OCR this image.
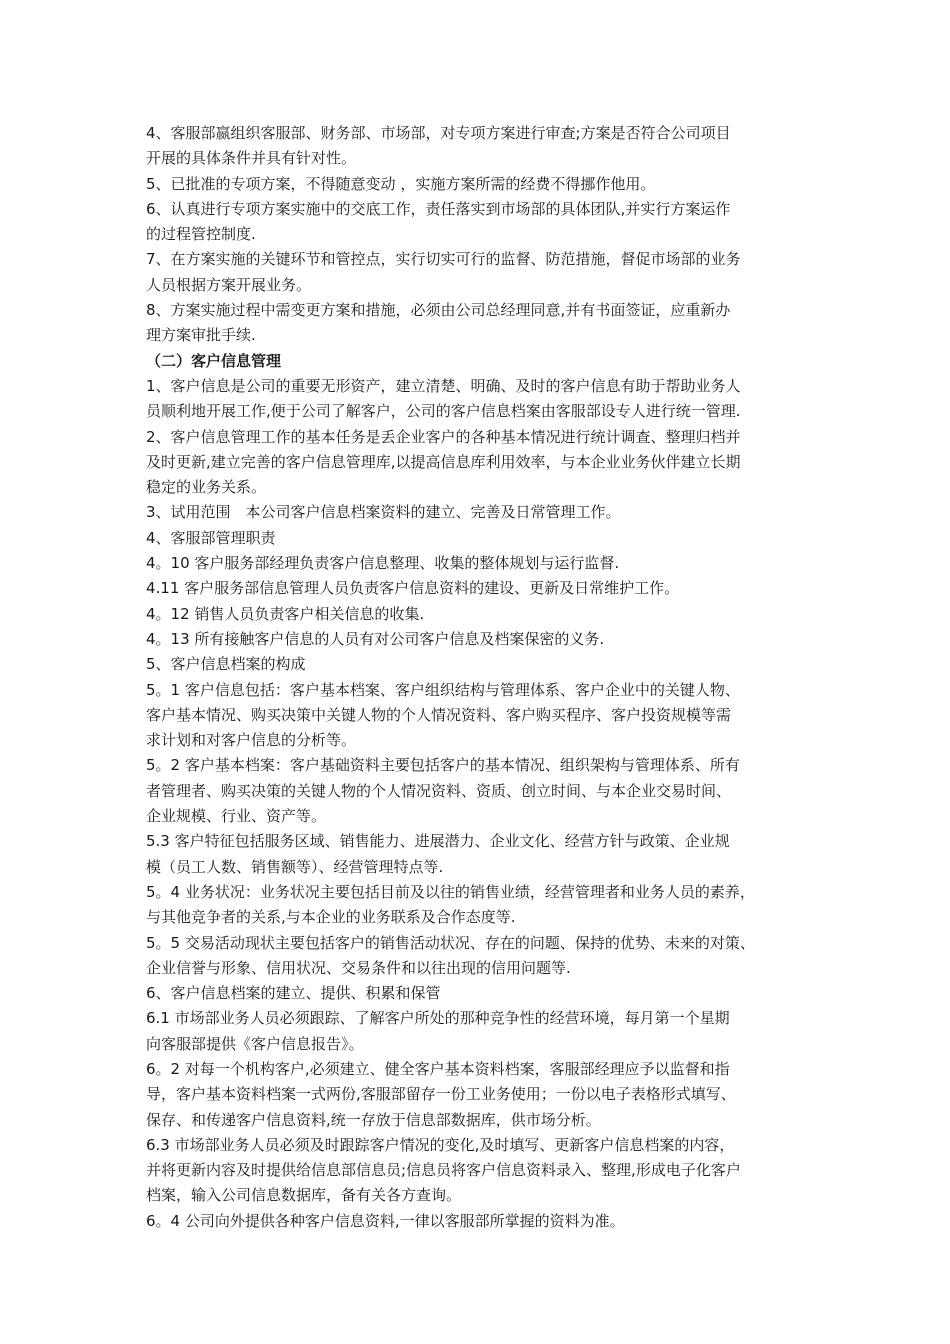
4、客服部嬴组织客服部、财务部、市场部，对专项方案进行审查;方案是否符合公司项目
开展的具体条件并具有针对性。
5、已批准的专项方案，不得随意变动 ，实施方案所需的经费不得挪作他用。
6、认真进行专项方案实施中的交底工作，责任落实到市场部的具体团队,并实行方案运作
的过程管控制度.
7、在方案实施的关键环节和管控点，实行切实可行的监督、防范措施，督促市场部的业务
人员根据方案开展业务。
8、方案实施过程中需变更方案和措施，必须由公司总经理同意,并有书面签证，应重新办
理方案审批手续.
（二）客户信息管理
1、客户信息是公司的重要无形资产，建立清楚、明确、及时的客户信息有助于帮助业务人
员顺利地开展工作,便于公司了解客户，公司的客户信息档案由客服部设专人进行统一管理.
2、客户信息管理工作的基本任务是丢企业客户的各种基本情况进行统计调查、整理归档并
及时更新,建立完善的客户信息管理库,以提高信息库利用效率，与本企业业务伙伴建立长期
稳定的业务关系。
3、试用范围　本公司客户信息档案资料的建立、完善及日常管理工作。
4、客服部管理职责
4。10 客户服务部经理负责客户信息整理、收集的整体规划与运行监督.
4.11 客户服务部信息管理人员负责客户信息资料的建设、更新及日常维护工作。
4。12 销售人员负责客户相关信息的收集.
4。13 所有接触客户信息的人员有对公司客户信息及档案保密的义务.
5、客户信息档案的构成
5。1 客户信息包括：客户基本档案、客户组织结构与管理体系、客户企业中的关键人物、
客户基本情况、购买决策中关键人物的个人情况资料、客户购买程序、客户投资规模等需
求计划和对客户信息的分析等。
5。2 客户基本档案：客户基础资料主要包括客户的基本情况、组织架构与管理体系、所有
者管理者、购买决策的关键人物的个人情况资料、资质、创立时间、与本企业交易时间、
企业规模、行业、资产等。
5.3 客户特征包括服务区域、销售能力、进展潜力、企业文化、经营方针与政策、企业规
模（员工人数、销售额等）、经营管理特点等.
5。4 业务状况：业务状况主要包括目前及以往的销售业绩，经营管理者和业务人员的素养，
与其他竞争者的关系,与本企业的业务联系及合作态度等.
5。5 交易活动现状主要包括客户的销售活动状况、存在的问题、保持的优势、未来的对策、
企业信誉与形象、信用状况、交易条件和以往出现的信用问题等.
6、客户信息档案的建立、提供、积累和保管
6.1 市场部业务人员必须跟踪、了解客户所处的那种竞争性的经营环境，每月第一个星期
向客服部提供《客户信息报告》。
6。2 对每一个机构客户,必须建立、健全客户基本资料档案，客服部经理应予以监督和指
导，客户基本资料档案一式两份,客服部留存一份工业务使用；一份以电子表格形式填写、
保存、和传递客户信息资料,统一存放于信息部数据库，供市场分析。
6.3 市场部业务人员必须及时跟踪客户情况的变化,及时填写、更新客户信息档案的内容，
并将更新内容及时提供给信息部信息员;信息员将客户信息资料录入、整理,形成电子化客户
档案，输入公司信息数据库，备有关各方查询。
6。4 公司向外提供各种客户信息资料,一律以客服部所掌握的资料为准。
